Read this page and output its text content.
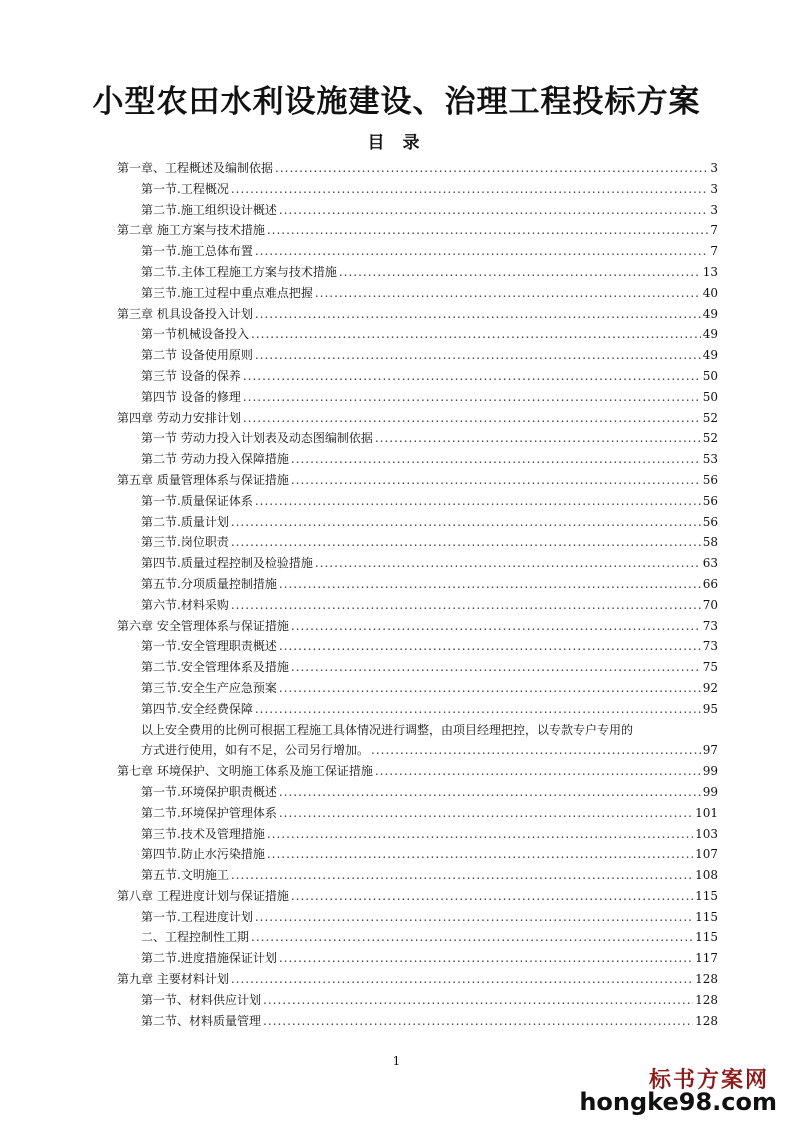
小型农田水利设施建设、治理工程投标方案
目 录
第一章、工程概述及编制依据 .....	3
第一节.工程概况 .....	3
第二节.施工组织设计概述 .....	3
第二章 施工方案与技术措施 .....	7
第一节.施工总体布置 .....	7
第二节.主体工程施工方案与技术措施 .....	13
第三节.施工过程中重点难点把握 .....	40
第三章 机具设备投入计划 .....	49
第一节机械设备投入 .....	49
第二节 设备使用原则 .....	49
第三节 设备的保养 .....	50
第四节 设备的修理 .....	50
第四章 劳动力安排计划 .....	52
第一节 劳动力投入计划表及动态图编制依据 .....	52
第二节 劳动力投入保障措施 .....	53
第五章 质量管理体系与保证措施 .....	56
第一节.质量保证体系 .....	56
第二节.质量计划 .....	56
第三节.岗位职责 .....	58
第四节.质量过程控制及检验措施 .....	63
第五节.分项质量控制措施 .....	66
第六节.材料采购 .....	70
第六章 安全管理体系与保证措施 .....	73
第一节.安全管理职责概述 .....	73
第二节.安全管理体系及措施 .....	75
第三节.安全生产应急预案 .....	92
第四节.安全经费保障 .....	95
以上安全费用的比例可根据工程施工具体情况进行调整，由项目经理把控，以专款专户专用的
方式进行使用，如有不足，公司另行增加。 .....	97
第七章 环境保护、文明施工体系及施工保证措施 .....	99
第一节.环境保护职责概述 .....	99
第二节.环境保护管理体系 .....	101
第三节.技术及管理措施 .....	103
第四节.防止水污染措施 .....	107
第五节.文明施工 .....	108
第八章 工程进度计划与保证措施 .....	115
第一节.工程进度计划 .....	115
二、工程控制性工期 .....	115
第二节.进度措施保证计划 .....	117
第九章 主要材料计划 .....	128
第一节、材料供应计划 .....	128
第二节、材料质量管理 .....	128
1
标书方案网
hongke98.com
